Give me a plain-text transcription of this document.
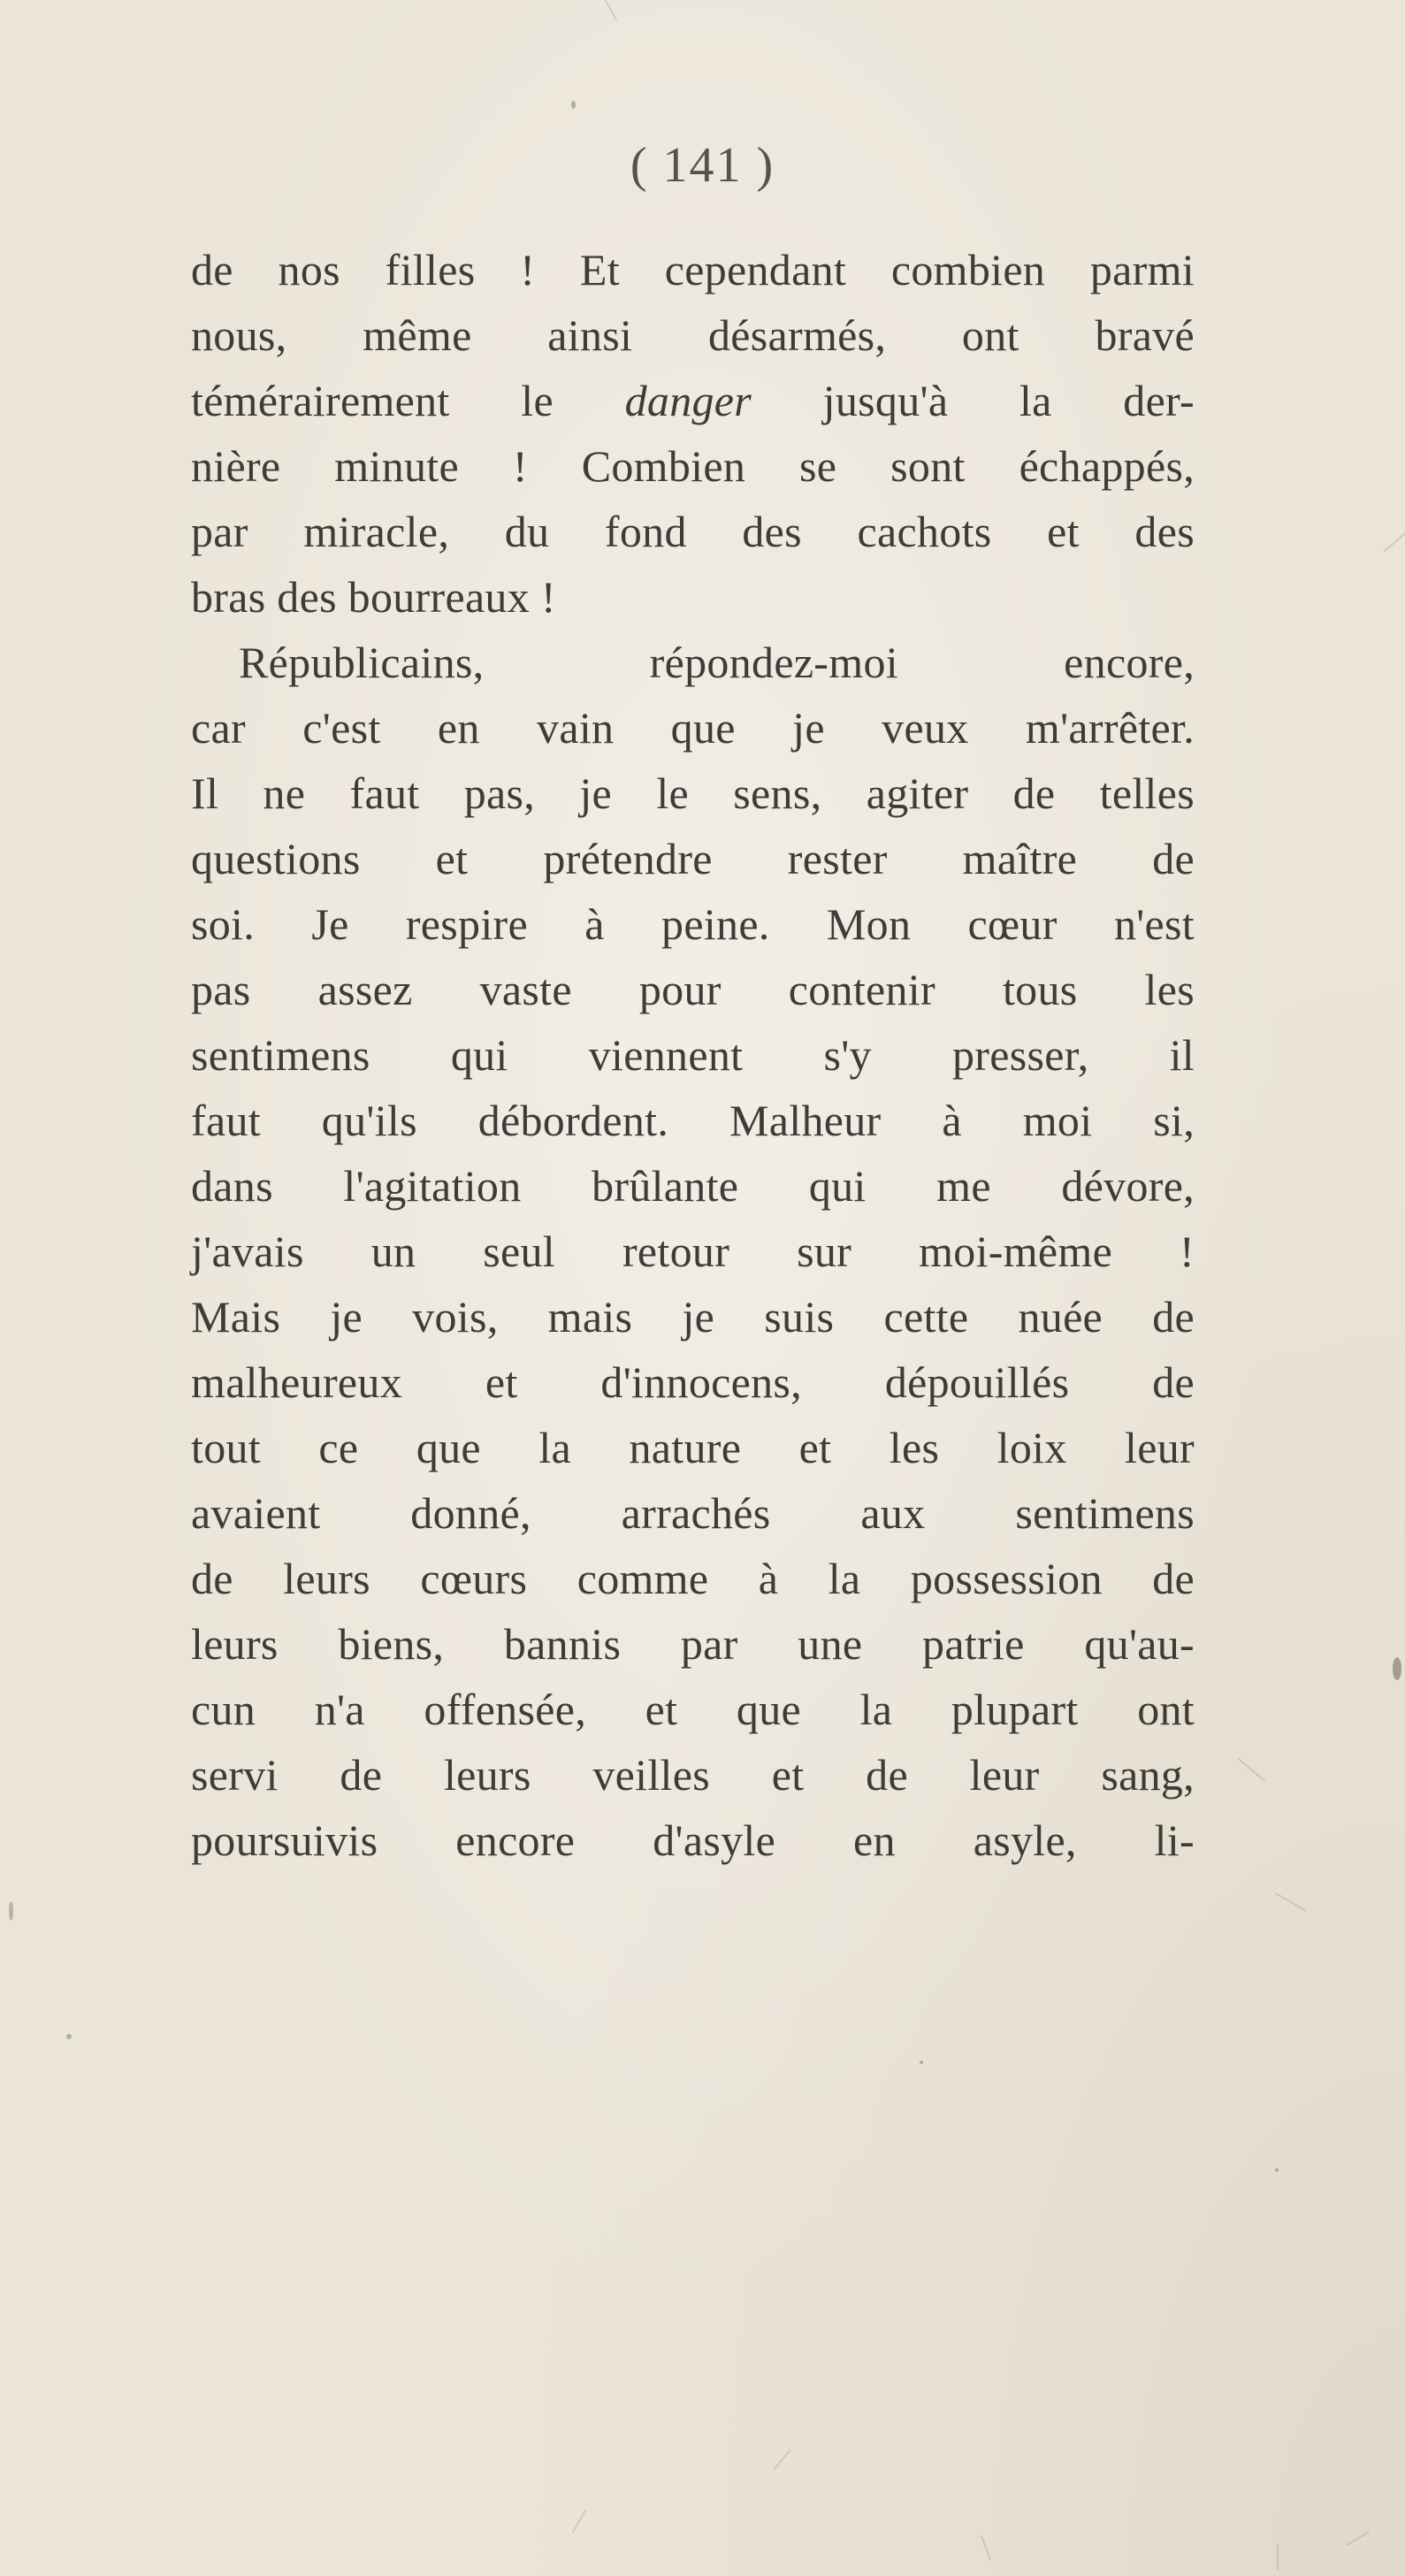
( 141 )
de nos filles ! Et cependant combien parmi
nous, même ainsi désarmés, ont bravé
témérairement le danger jusqu'à la der-
nière minute ! Combien se sont échappés,
par miracle, du fond des cachots et des
bras des bourreaux !
Républicains, répondez-moi encore,
car c'est en vain que je veux m'arrêter.
Il ne faut pas, je le sens, agiter de telles
questions et prétendre rester maître de
soi. Je respire à peine. Mon cœur n'est
pas assez vaste pour contenir tous les
sentimens qui viennent s'y presser, il
faut qu'ils débordent. Malheur à moi si,
dans l'agitation brûlante qui me dévore,
j'avais un seul retour sur moi-même !
Mais je vois, mais je suis cette nuée de
malheureux et d'innocens, dépouillés de
tout ce que la nature et les loix leur
avaient donné, arrachés aux sentimens
de leurs cœurs comme à la possession de
leurs biens, bannis par une patrie qu'au-
cun n'a offensée, et que la plupart ont
servi de leurs veilles et de leur sang,
poursuivis encore d'asyle en asyle, li-
